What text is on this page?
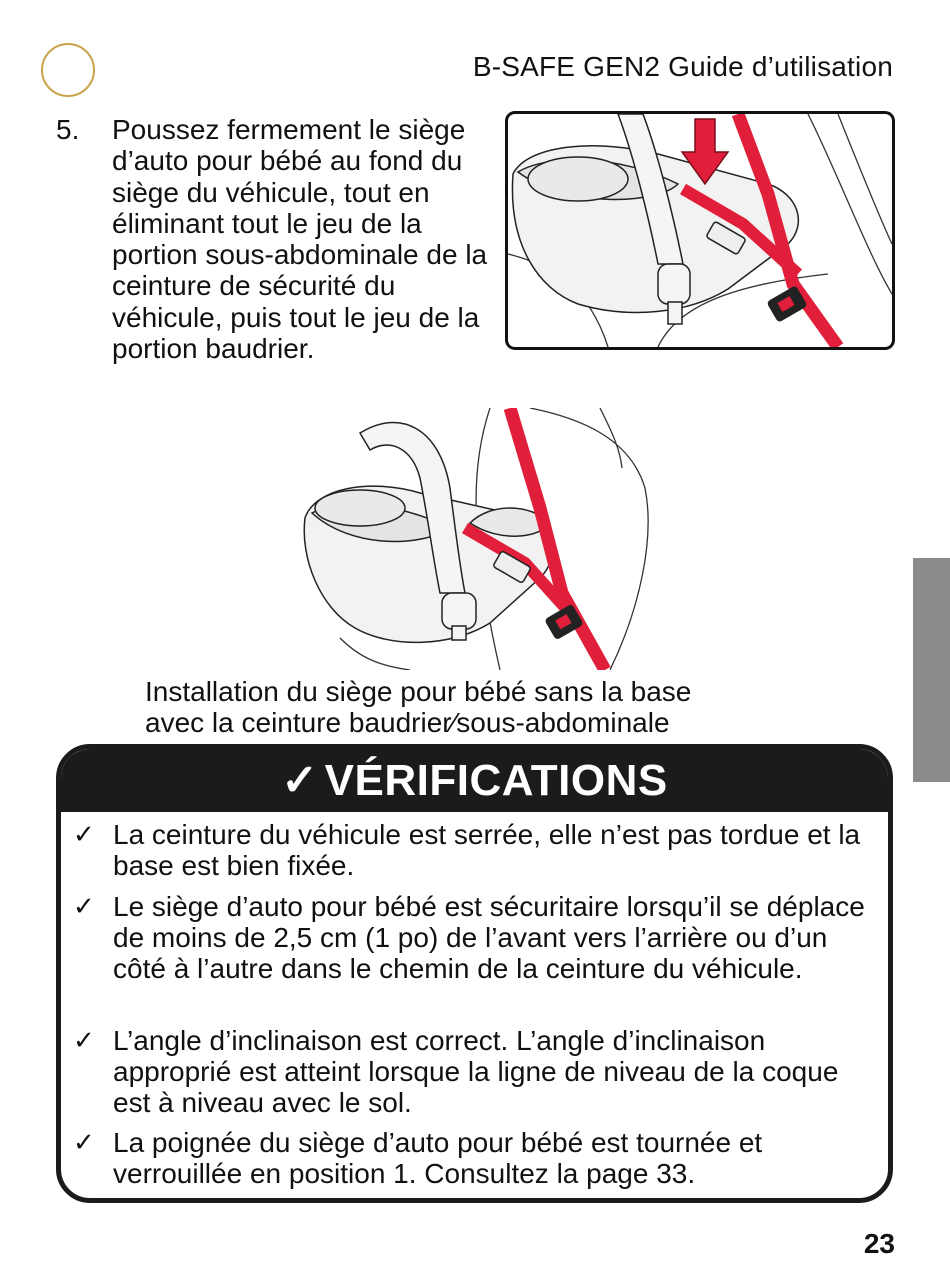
B-SAFE GEN2 Guide d’utilisation
5. Poussez fermement le siège d’auto pour bébé au fond du siège du véhicule, tout en éliminant tout le jeu de la portion sous-abdominale de la ceinture de sécurité du véhicule, puis tout le jeu de la portion baudrier.
Installation du siège pour bébé sans la base
avec la ceinture baudrier⁄sous-abdominale
✓ VÉRIFICATIONS
✓ La ceinture du véhicule est serrée, elle n’est pas tordue et la base est bien fixée.
✓ Le siège d’auto pour bébé est sécuritaire lorsqu’il se déplace de moins de 2,5 cm (1 po) de l’avant vers l’arrière ou d’un côté à l’autre dans le chemin de la ceinture du véhicule.
✓ L’angle d’inclinaison est correct. L’angle d’inclinaison approprié est atteint lorsque la ligne de niveau de la coque est à niveau avec le sol.
✓ La poignée du siège d’auto pour bébé est tournée et verrouillée en position 1. Consultez la page 33.
23
